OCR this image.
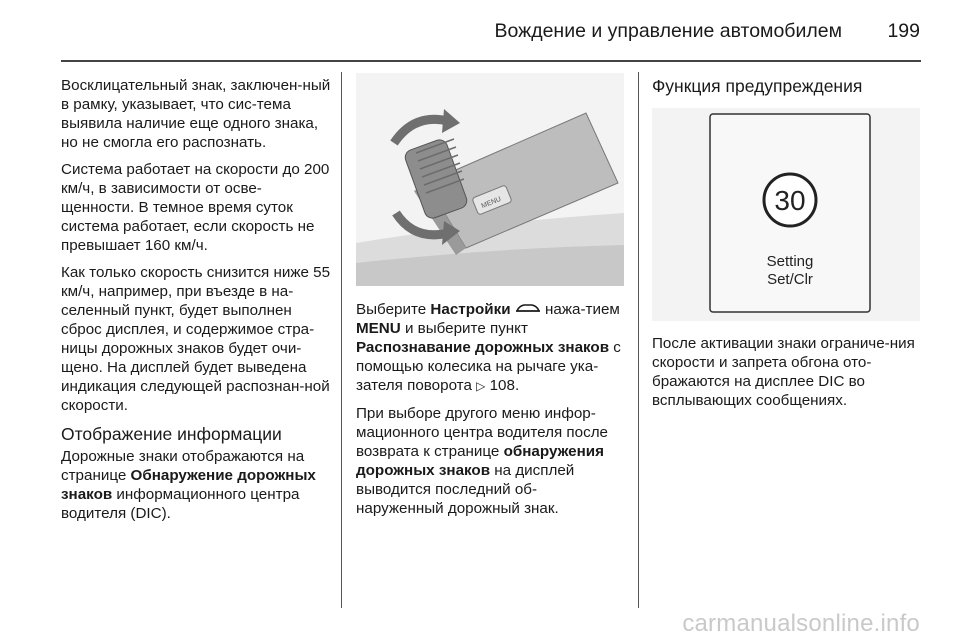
Вождение и управление автомобилем 199

Восклицательный знак, заключен-ный в рамку, указывает, что сис-тема выявила наличие еще одного знака, но не смогла его распознать.

Система работает на скорости до 200 км/ч, в зависимости от осве-щенности. В темное время суток система работает, если скорость не превышает 160 км/ч.

Как только скорость снизится ниже 55 км/ч, например, при въезде в на-селенный пункт, будет выполнен сброс дисплея, и содержимое стра-ницы дорожных знаков будет очи-щено. На дисплей будет выведена индикация следующей распознан-ной скорости.

Отображение информации

Дорожные знаки отображаются на странице Обнаружение дорожных знаков информационного центра водителя (DIC).

MENU

Выберите Настройки  нажа-тием MENU и выберите пункт Распознавание дорожных знаков с помощью колесика на рычаге ука-зателя поворота ▷ 108.

При выборе другого меню инфор-мационного центра водителя после возврата к странице обнаружения дорожных знаков на дисплей выводится последний об-наруженный дорожный знак.

Функция предупреждения
30
Setting
Set/Clr

После активации знаки ограниче-ния скорости и запрета обгона ото-бражаются на дисплее DIC во всплывающих сообщениях.

carmanualsonline.info
